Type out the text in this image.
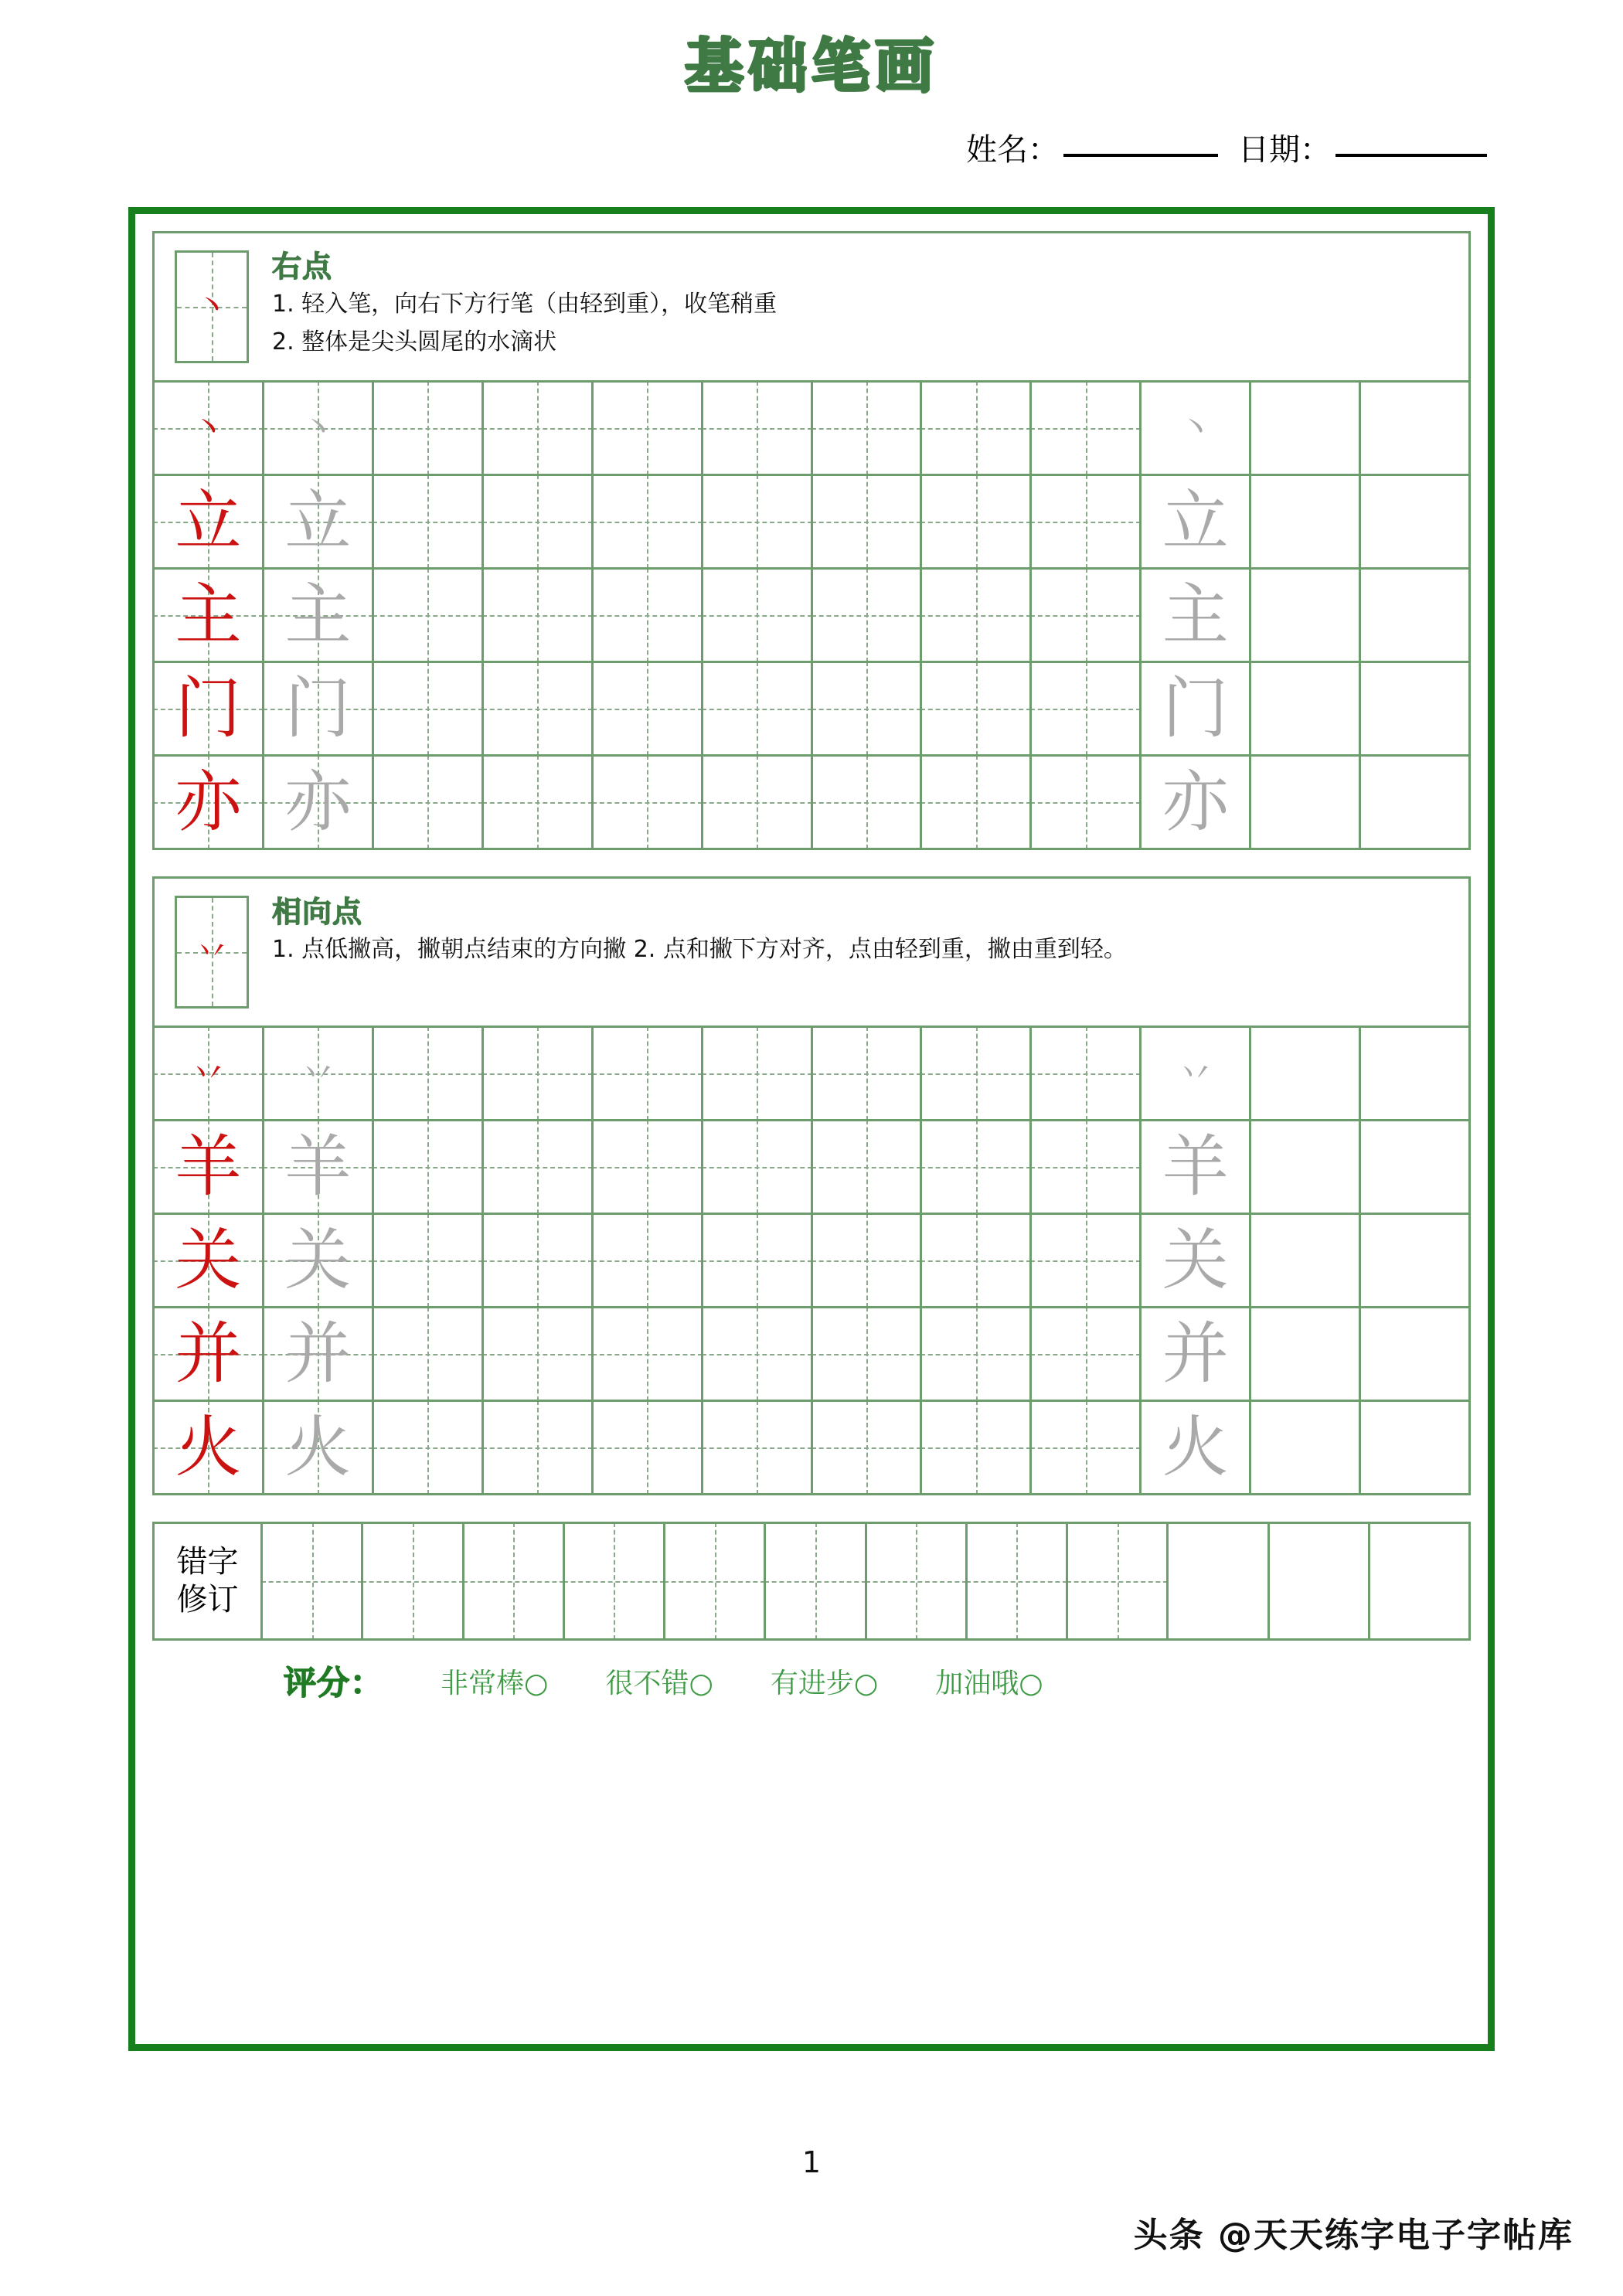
基础笔画
姓名：	日期：
丶
右点
1. 轻入笔，向右下方行笔（由轻到重），收笔稍重
2. 整体是尖头圆尾的水滴状
丶	丶	丶
立 立	立
主 主	主
门 门	门
亦 亦	亦
丷
相向点
1. 点低撇高，撇朝点结束的方向撇 2. 点和撇下方对齐，点由轻到重，撇由重到轻。
丷	丷	丷
羊 羊	羊
关 关	关
并 并	并
火 火	火
错字
修订
评分： 非常棒○ 很不错○ 有进步○ 加油哦○
1
头条 @天天练字电子字帖库
